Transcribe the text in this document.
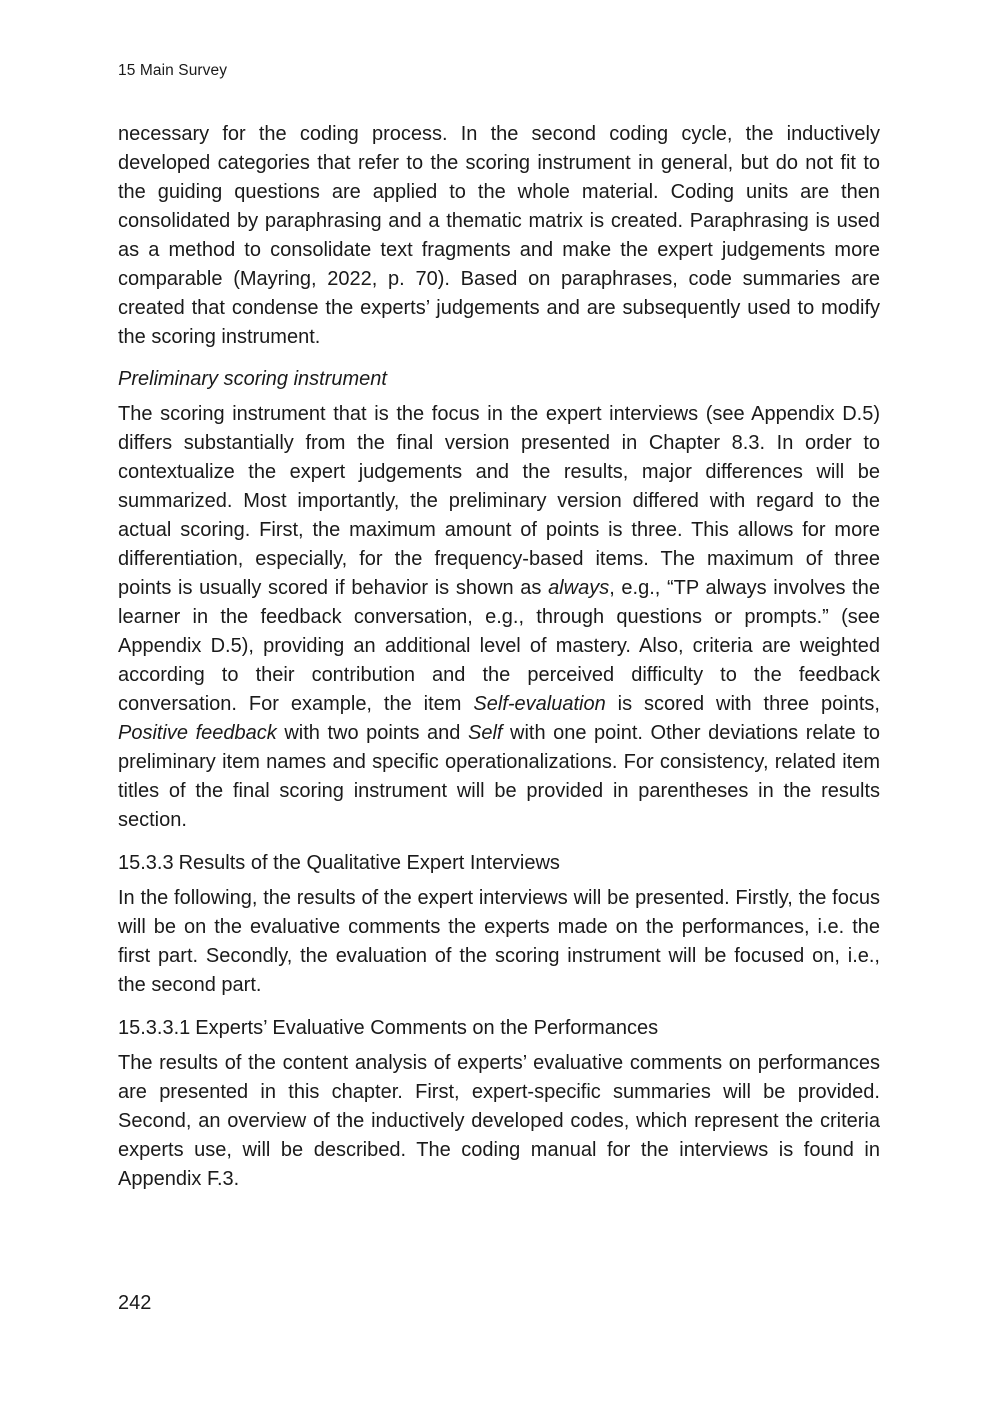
15 Main Survey

necessary for the coding process. In the second coding cycle, the inductively developed categories that refer to the scoring instrument in general, but do not fit to the guiding questions are applied to the whole material. Coding units are then consolidated by paraphrasing and a thematic matrix is created. Paraphrasing is used as a method to consolidate text fragments and make the expert judgements more comparable (Mayring, 2022, p. 70). Based on paraphrases, code summaries are created that condense the experts’ judgements and are subsequently used to modify the scoring instrument.

Preliminary scoring instrument

The scoring instrument that is the focus in the expert interviews (see Appendix D.5) differs substantially from the final version presented in Chapter 8.3. In order to contextualize the expert judgements and the results, major differences will be summarized. Most importantly, the preliminary version differed with regard to the actual scoring. First, the maximum amount of points is three. This allows for more differentiation, especially, for the frequency-based items. The maximum of three points is usually scored if behavior is shown as always, e.g., “TP always involves the learner in the feedback conversation, e.g., through questions or prompts.” (see Appendix D.5), providing an additional level of mastery. Also, criteria are weighted according to their contribution and the perceived difficulty to the feedback conversation. For example, the item Self-evaluation is scored with three points, Positive feedback with two points and Self with one point. Other deviations relate to preliminary item names and specific operationalizations. For consistency, related item titles of the final scoring instrument will be provided in parentheses in the results section.

15.3.3 Results of the Qualitative Expert Interviews

In the following, the results of the expert interviews will be presented. Firstly, the focus will be on the evaluative comments the experts made on the performances, i.e. the first part. Secondly, the evaluation of the scoring instrument will be focused on, i.e., the second part.

15.3.3.1 Experts’ Evaluative Comments on the Performances

The results of the content analysis of experts’ evaluative comments on performances are presented in this chapter. First, expert-specific summaries will be provided. Second, an overview of the inductively developed codes, which represent the criteria experts use, will be described. The coding manual for the interviews is found in Appendix F.3.

242
